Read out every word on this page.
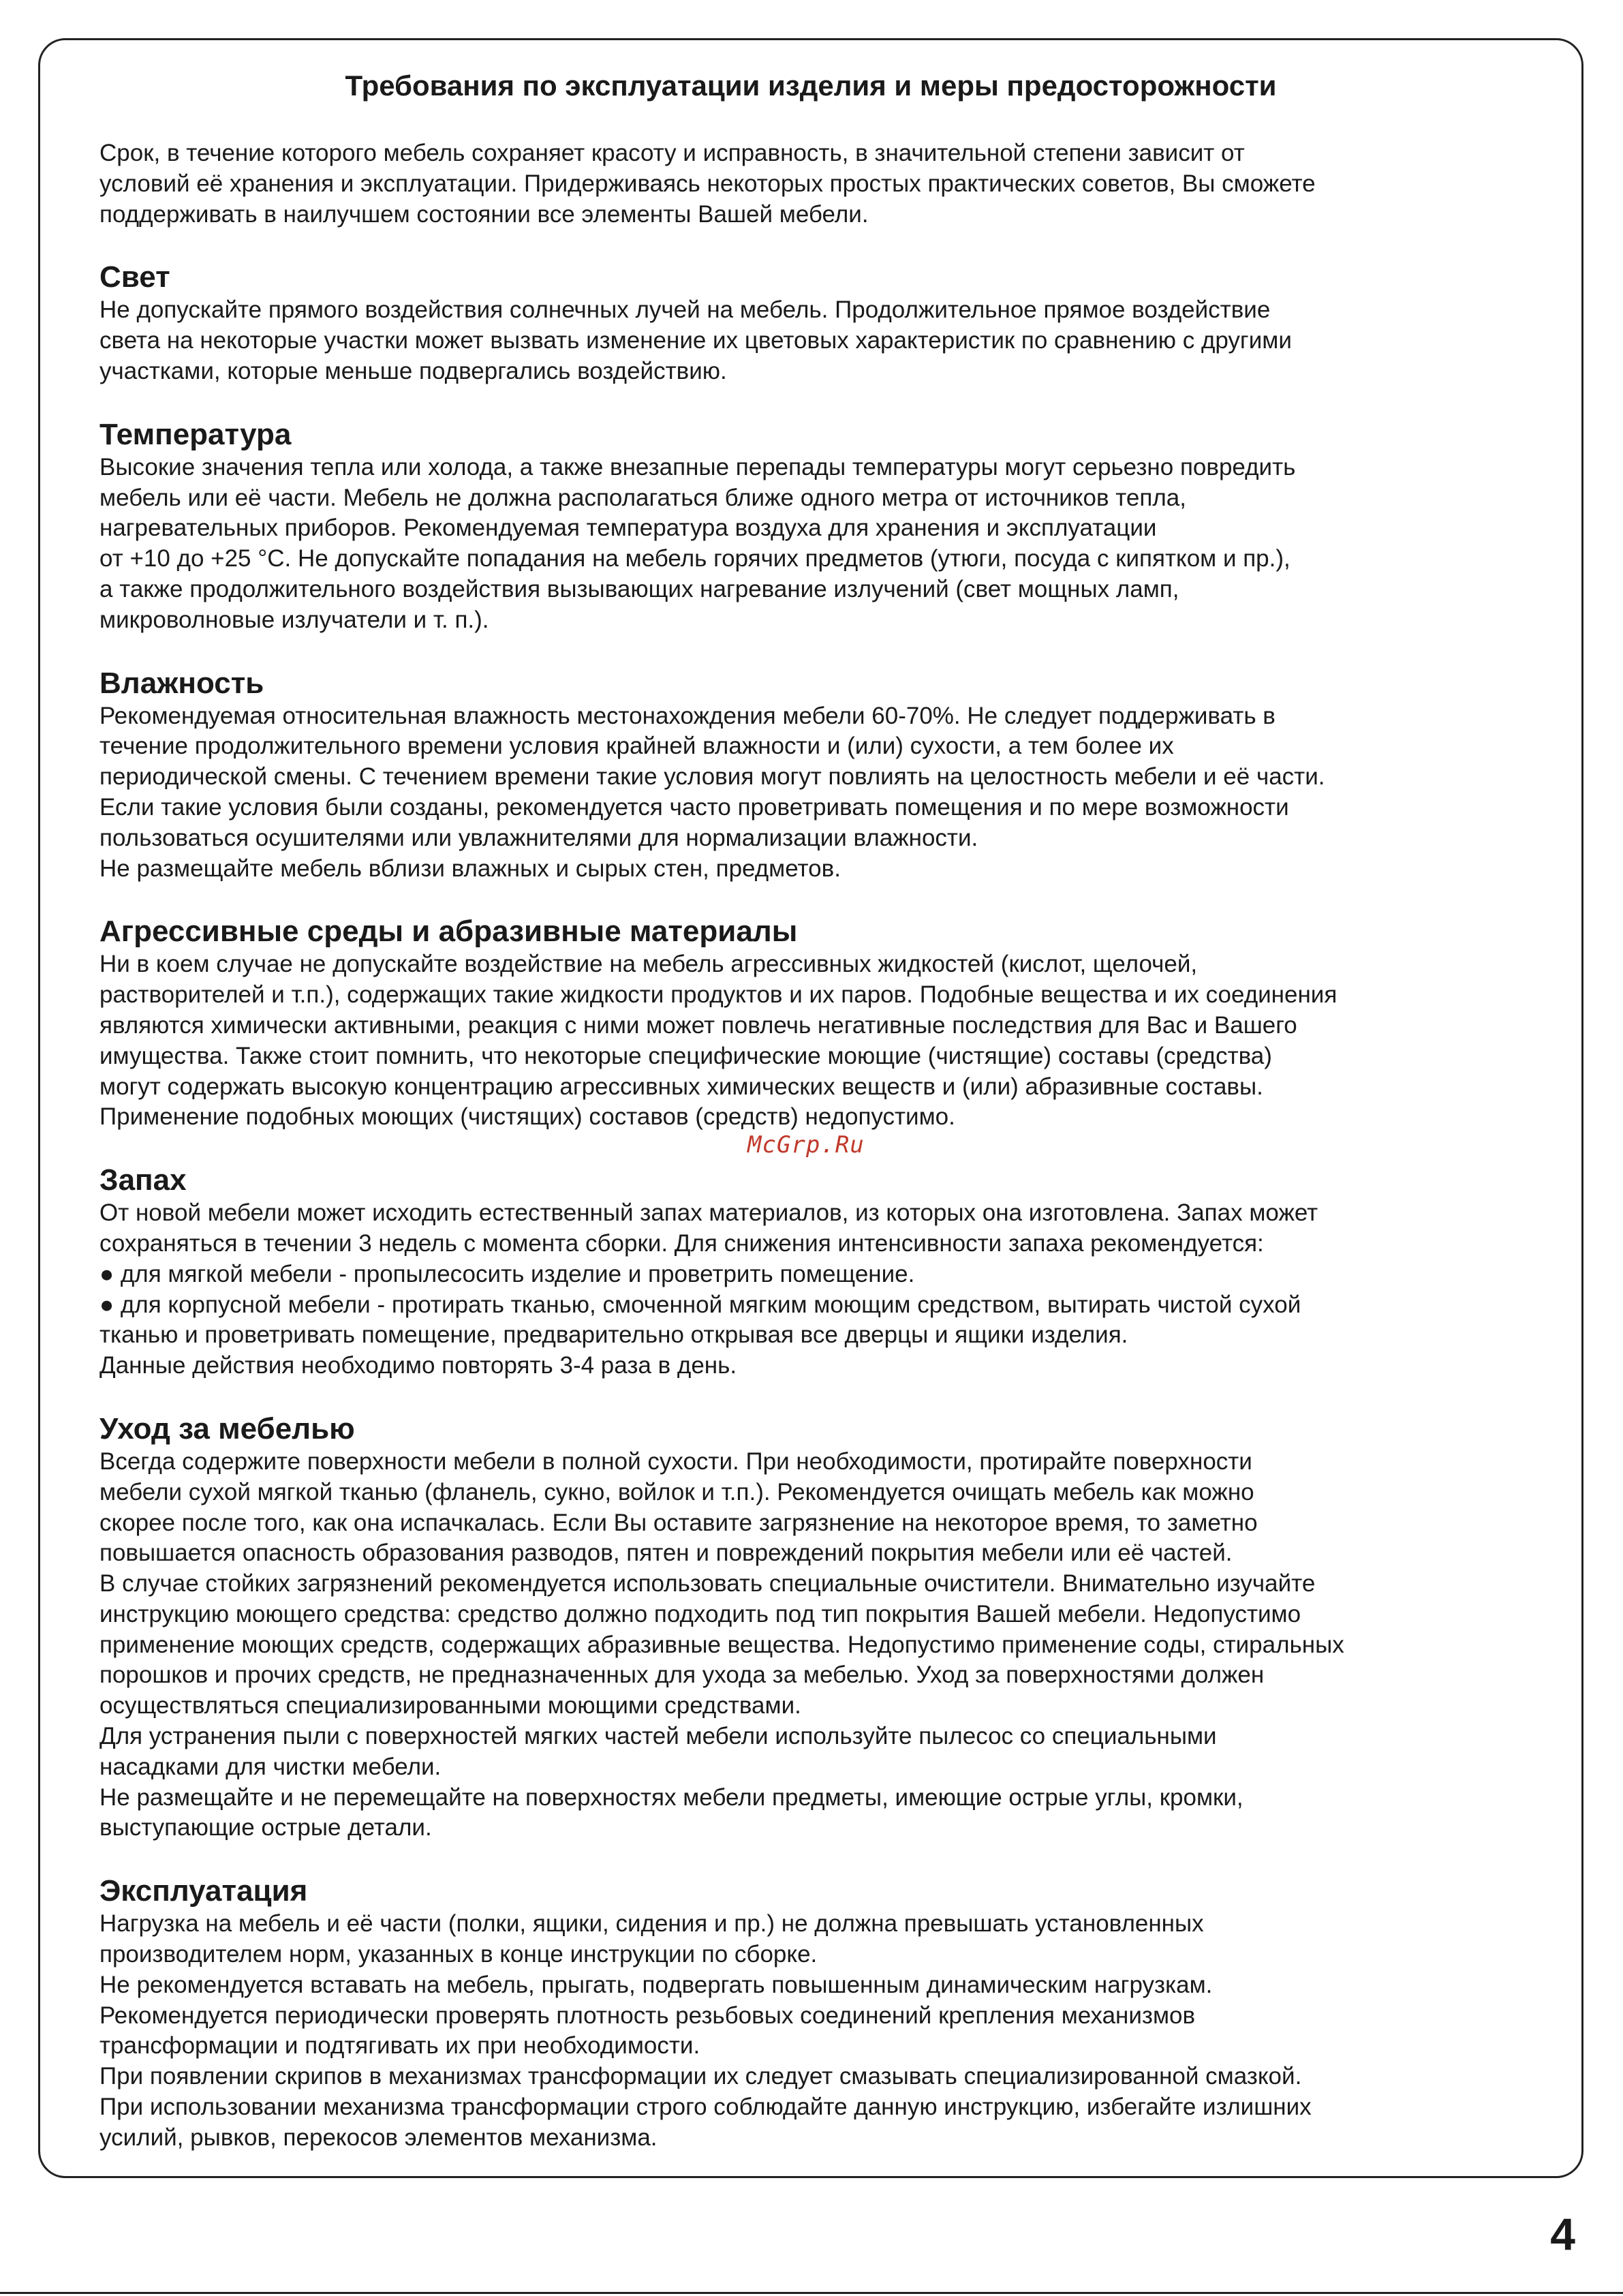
Требования по эксплуатации изделия и меры предосторожности

Срок, в течение которого мебель сохраняет красоту и исправность, в значительной степени зависит от
условий её хранения и эксплуатации. Придерживаясь некоторых простых практических советов, Вы сможете
поддерживать в наилучшем состоянии все элементы Вашей мебели.

Свет

Не допускайте прямого воздействия солнечных лучей на мебель. Продолжительное прямое воздействие
света на некоторые участки может вызвать изменение их цветовых характеристик по сравнению с другими
участками, которые меньше подвергались воздействию.

Температура

Высокие значения тепла или холода, а также внезапные перепады температуры могут серьезно повредить
мебель или её части. Мебель не должна располагаться ближе одного метра от источников тепла,
нагревательных приборов. Рекомендуемая температура воздуха для хранения и эксплуатации
от +10 до +25 °С. Не допускайте попадания на мебель горячих предметов (утюги, посуда с кипятком и пр.),
а также продолжительного воздействия вызывающих нагревание излучений (свет мощных ламп,
микроволновые излучатели и т. п.).

Влажность

Рекомендуемая относительная влажность местонахождения мебели 60-70%. Не следует поддерживать в
течение продолжительного времени условия крайней влажности и (или) сухости, а тем более их
периодической смены. С течением времени такие условия могут повлиять на целостность мебели и её части.
Если такие условия были созданы, рекомендуется часто проветривать помещения и по мере возможности
пользоваться осушителями или увлажнителями для нормализации влажности.
Не размещайте мебель вблизи влажных и сырых стен, предметов.

Агрессивные среды и абразивные материалы

Ни в коем случае не допускайте воздействие на мебель агрессивных жидкостей (кислот, щелочей,
растворителей и т.п.), содержащих такие жидкости продуктов и их паров. Подобные вещества и их соединения
являются химически активными, реакция с ними может повлечь негативные последствия для Вас и Вашего
имущества. Также стоит помнить, что некоторые специфические моющие (чистящие) составы (средства)
могут содержать высокую концентрацию агрессивных химических веществ и (или) абразивные составы.
Применение подобных моющих (чистящих) составов (средств) недопустимо.

Запах

От новой мебели может исходить естественный запах материалов, из которых она изготовлена. Запах может
сохраняться в течении 3 недель с момента сборки. Для снижения интенсивности запаха рекомендуется:
● для мягкой мебели - пропылесосить изделие и проветрить помещение.
● для корпусной мебели - протирать тканью, смоченной мягким моющим средством, вытирать чистой сухой
тканью и проветривать помещение, предварительно открывая все дверцы и ящики изделия.
Данные действия необходимо повторять 3-4 раза в день.

Уход за мебелью

Всегда содержите поверхности мебели в полной сухости. При необходимости, протирайте поверхности
мебели сухой мягкой тканью (фланель, сукно, войлок и т.п.). Рекомендуется очищать мебель как можно
скорее после того, как она испачкалась. Если Вы оставите загрязнение на некоторое время, то заметно
повышается опасность образования разводов, пятен и повреждений покрытия мебели или её частей.
В случае стойких загрязнений рекомендуется использовать специальные очистители. Внимательно изучайте
инструкцию моющего средства: средство должно подходить под тип покрытия Вашей мебели. Недопустимо
применение моющих средств, содержащих абразивные вещества. Недопустимо применение соды, стиральных
порошков и прочих средств, не предназначенных для ухода за мебелью. Уход за поверхностями должен
осуществляться специализированными моющими средствами.
Для устранения пыли с поверхностей мягких частей мебели используйте пылесос со специальными
насадками для чистки мебели.
Не размещайте и не перемещайте на поверхностях мебели предметы, имеющие острые углы, кромки,
выступающие острые детали.

Эксплуатация

Нагрузка на мебель и её части (полки, ящики, сидения и пр.) не должна превышать установленных
производителем норм, указанных в конце инструкции по сборке.
Не рекомендуется вставать на мебель, прыгать, подвергать повышенным динамическим нагрузкам.
Рекомендуется периодически проверять плотность резьбовых соединений крепления механизмов
трансформации и подтягивать их при необходимости.
При появлении скрипов в механизмах трансформации их следует смазывать специализированной смазкой.
При использовании механизма трансформации строго соблюдайте данную инструкцию, избегайте излишних
усилий, рывков, перекосов элементов механизма.

McGrp.Ru
4
